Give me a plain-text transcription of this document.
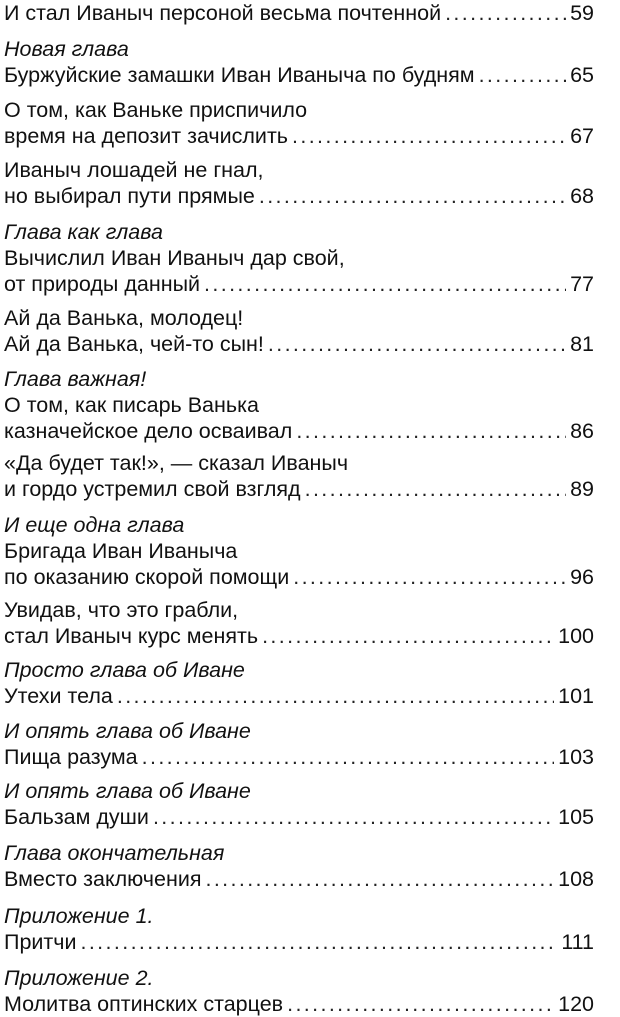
И стал Иваныч персоной весьма почтенной . . .	59
Новая глава
Буржуйские замашки Иван Иваныча по будням . . .	65
О том, как Ваньке приспичило
время на депозит зачислить . . .	67
Иваныч лошадей не гнал,
но выбирал пути прямые . . .	68
Глава как глава
Вычислил Иван Иваныч дар свой,
от природы данный . . .	77
Ай да Ванька, молодец!
Ай да Ванька, чей-то сын! . . .	81
Глава важная!
О том, как писарь Ванька
казначейское дело осваивал . . .	86
«Да будет так!», — сказал Иваныч
и гордо устремил свой взгляд . . .	89
И еще одна глава
Бригада Иван Иваныча
по оказанию скорой помощи . . .	96
Увидав, что это грабли,
стал Иваныч курс менять . . .	100
Просто глава об Иване
Утехи тела . . .	101
И опять глава об Иване
Пища разума . . .	103
И опять глава об Иване
Бальзам души . . .	105
Глава окончательная
Вместо заключения . . .	108
Приложение 1.
Притчи . . .	111
Приложение 2.
Молитва оптинских старцев . . .	120
